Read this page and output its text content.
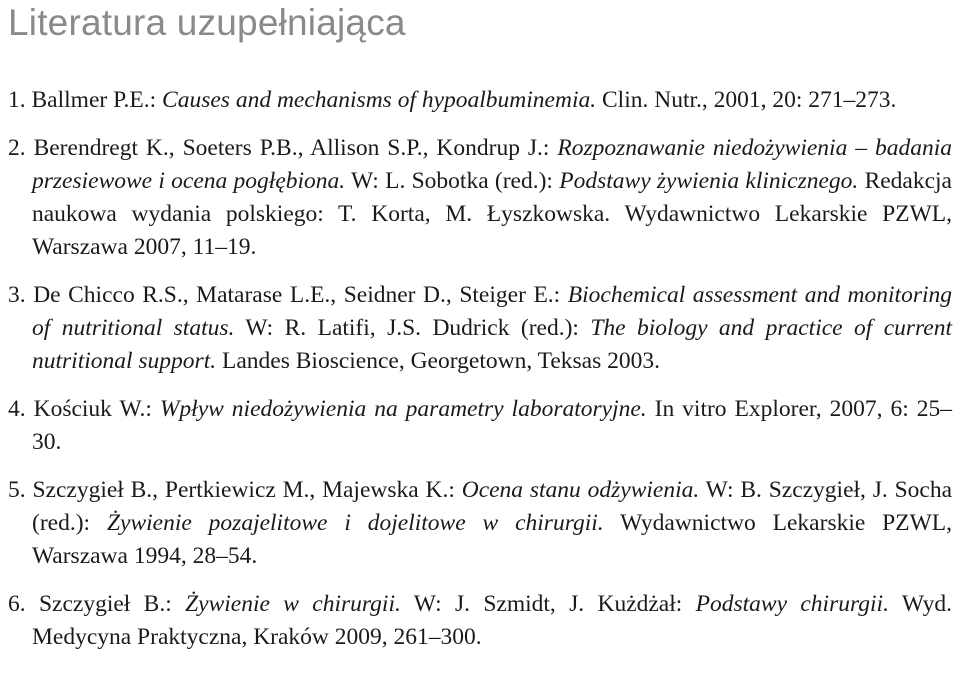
Literatura uzupełniająca
1. Ballmer P.E.: Causes and mechanisms of hypoalbuminemia. Clin. Nutr., 2001, 20: 271–273.
2. Berendregt K., Soeters P.B., Allison S.P., Kondrup J.: Rozpoznawanie niedożywienia – badania przesiewowe i ocena pogłębiona. W: L. Sobotka (red.): Podstawy żywienia klinicznego. Redakcja naukowa wydania polskiego: T. Korta, M. Łyszkowska. Wydawnictwo Lekarskie PZWL, Warszawa 2007, 11–19.
3. De Chicco R.S., Matarase L.E., Seidner D., Steiger E.: Biochemical assessment and monitoring of nutritional status. W: R. Latifi, J.S. Dudrick (red.): The biology and practice of current nutritional support. Landes Bioscience, Georgetown, Teksas 2003.
4. Kościuk W.: Wpływ niedożywienia na parametry laboratoryjne. In vitro Explorer, 2007, 6: 25–30.
5. Szczygieł B., Pertkiewicz M., Majewska K.: Ocena stanu odżywienia. W: B. Szczygieł, J. Socha (red.): Żywienie pozajelitowe i dojelitowe w chirurgii. Wydawnictwo Lekarskie PZWL, Warszawa 1994, 28–54.
6. Szczygieł B.: Żywienie w chirurgii. W: J. Szmidt, J. Kużdżał: Podstawy chirurgii. Wyd. Medycyna Praktyczna, Kraków 2009, 261–300.
